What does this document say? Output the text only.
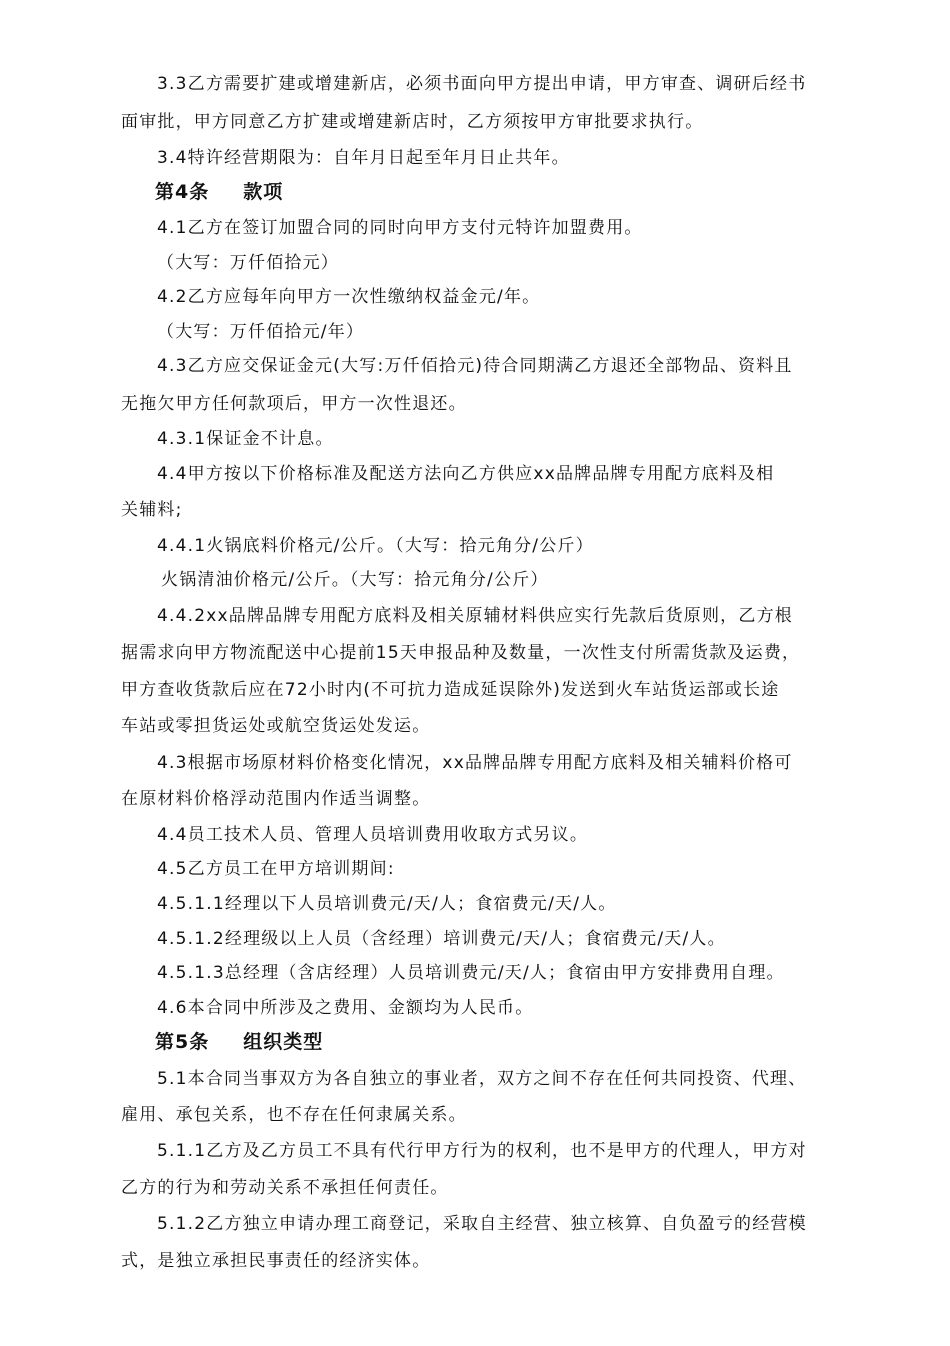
3.3乙方需要扩建或增建新店，必须书面向甲方提出申请，甲方审查、调研后经书
面审批，甲方同意乙方扩建或增建新店时，乙方须按甲方审批要求执行。
3.4特许经营期限为：自年月日起至年月日止共年。
第4条 款项
4.1乙方在签订加盟合同的同时向甲方支付元特许加盟费用。
（大写：万仟佰拾元）
4.2乙方应每年向甲方一次性缴纳权益金元/年。
（大写：万仟佰拾元/年）
4.3乙方应交保证金元(大写:万仟佰拾元)待合同期满乙方退还全部物品、资料且
无拖欠甲方任何款项后，甲方一次性退还。
4.3.1保证金不计息。
4.4甲方按以下价格标准及配送方法向乙方供应xx品牌品牌专用配方底料及相
关辅料;
4.4.1火锅底料价格元/公斤。（大写：拾元角分/公斤）
火锅清油价格元/公斤。（大写：拾元角分/公斤）
4.4.2xx品牌品牌专用配方底料及相关原辅材料供应实行先款后货原则，乙方根
据需求向甲方物流配送中心提前15天申报品种及数量，一次性支付所需货款及运费，
甲方查收货款后应在72小时内(不可抗力造成延误除外)发送到火车站货运部或长途
车站或零担货运处或航空货运处发运。
4.3根据市场原材料价格变化情况，xx品牌品牌专用配方底料及相关辅料价格可
在原材料价格浮动范围内作适当调整。
4.4员工技术人员、管理人员培训费用收取方式另议。
4.5乙方员工在甲方培训期间:
4.5.1.1经理以下人员培训费元/天/人；食宿费元/天/人。
4.5.1.2经理级以上人员（含经理）培训费元/天/人；食宿费元/天/人。
4.5.1.3总经理（含店经理）人员培训费元/天/人；食宿由甲方安排费用自理。
4.6本合同中所涉及之费用、金额均为人民币。
第5条 组织类型
5.1本合同当事双方为各自独立的事业者，双方之间不存在任何共同投资、代理、
雇用、承包关系，也不存在任何隶属关系。
5.1.1乙方及乙方员工不具有代行甲方行为的权利，也不是甲方的代理人，甲方对
乙方的行为和劳动关系不承担任何责任。
5.1.2乙方独立申请办理工商登记，采取自主经营、独立核算、自负盈亏的经营模
式，是独立承担民事责任的经济实体。
